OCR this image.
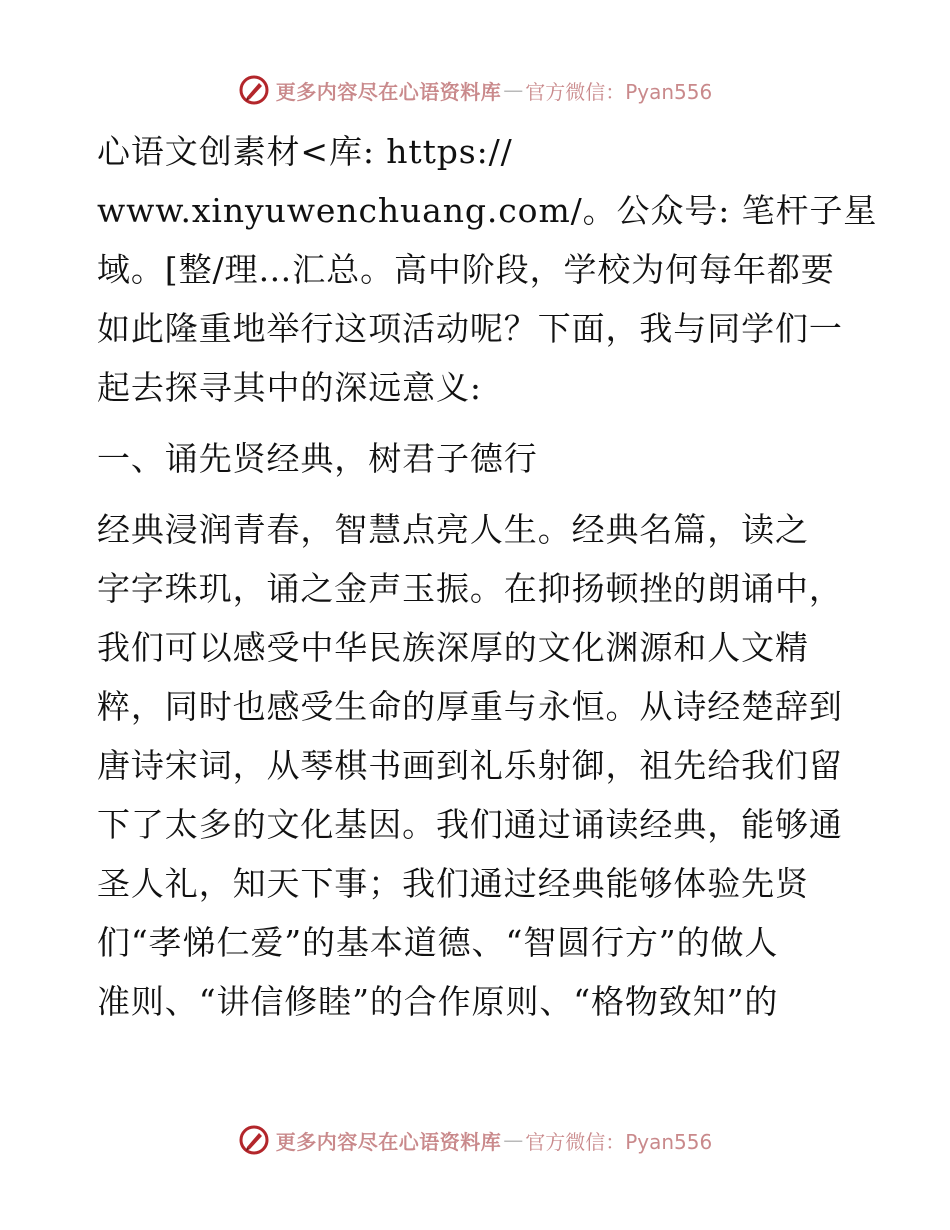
更多内容尽在心语资料库 — 官方微信：Pyan556
心语文创素材<库: https://
www.xinyuwenchuang.com/。公众号: 笔杆子星
域。[整/理…汇总。高中阶段，学校为何每年都要
如此隆重地举行这项活动呢？下面，我与同学们一
起去探寻其中的深远意义:
一、诵先贤经典，树君子德行
经典浸润青春，智慧点亮人生。经典名篇，读之
字字珠玑，诵之金声玉振。在抑扬顿挫的朗诵中，
我们可以感受中华民族深厚的文化渊源和人文精
粹，同时也感受生命的厚重与永恒。从诗经楚辞到
唐诗宋词，从琴棋书画到礼乐射御，祖先给我们留
下了太多的文化基因。我们通过诵读经典，能够通
圣人礼，知天下事；我们通过经典能够体验先贤
们“孝悌仁爱”的基本道德、“智圆行方”的做人
准则、“讲信修睦”的合作原则、“格物致知”的
更多内容尽在心语资料库 — 官方微信：Pyan556
